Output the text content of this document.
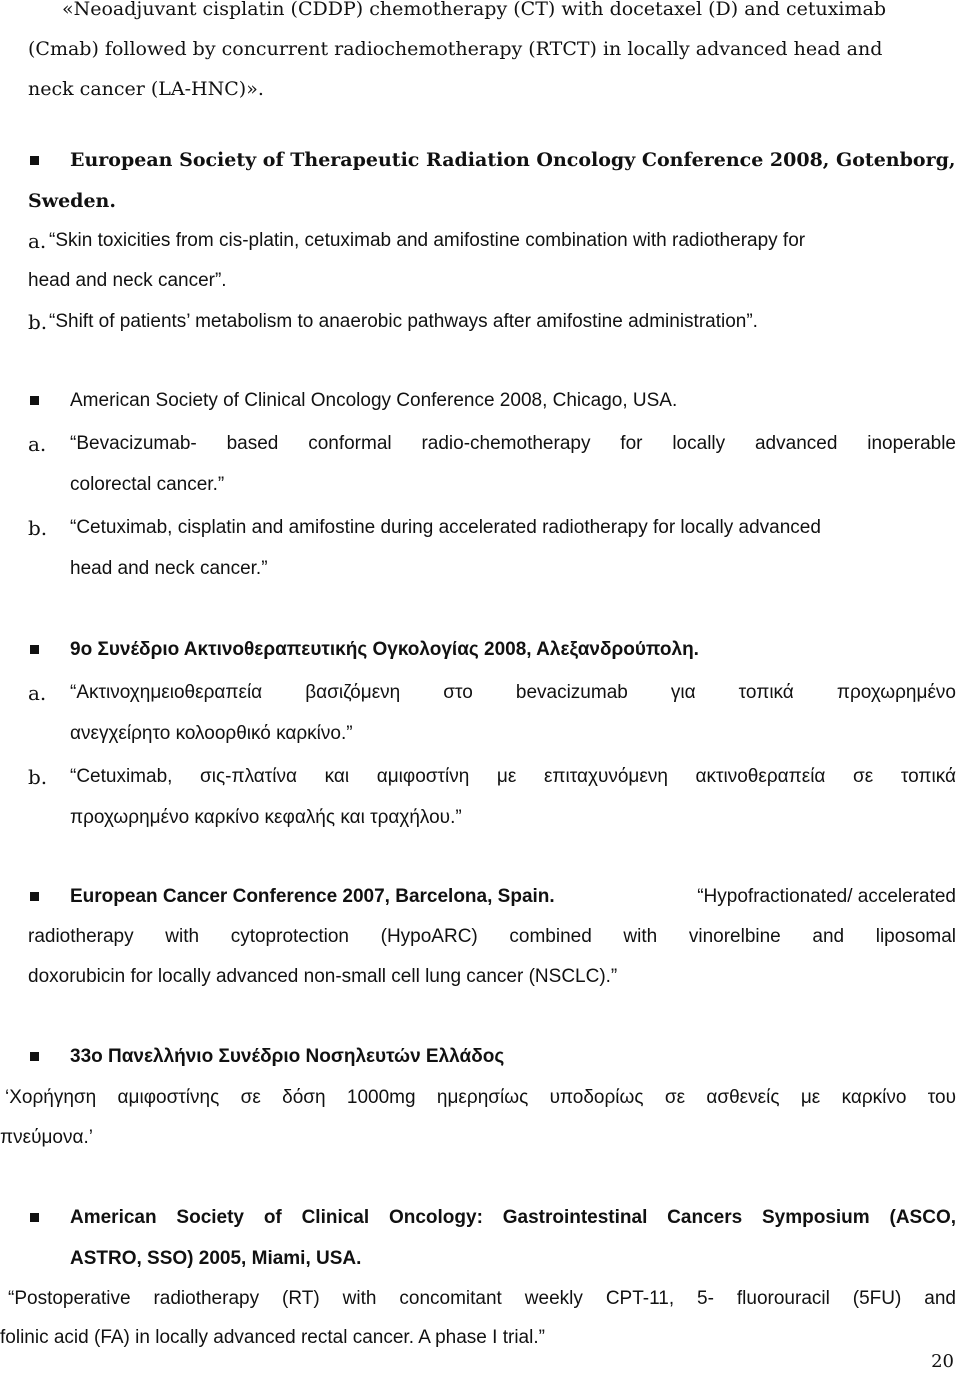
«Neoadjuvant cisplatin (CDDP) chemotherapy (CT) with docetaxel (D) and cetuximab
(Cmab) followed by concurrent radiochemotherapy (RTCT) in locally advanced head and
neck cancer (LA-HNC)».
European Society of Therapeutic Radiation Oncology Conference 2008, Gotenborg,
Sweden.
a. “Skin toxicities from cis-platin, cetuximab and amifostine combination with radiotherapy for
head and neck cancer”.
b. “Shift of patients’ metabolism to anaerobic pathways after amifostine administration”.
American Society of Clinical Oncology Conference 2008, Chicago, USA.
a. “Bevacizumab- based conformal radio-chemotherapy for locally advanced inoperable
colorectal cancer.”
b. “Cetuximab, cisplatin and amifostine during accelerated radiotherapy for locally advanced
head and neck cancer.”
9ο Συνέδριο Ακτινοθεραπευτικής Ογκολογίας 2008, Αλεξανδρούπολη.
a. “Ακτινοχημειοθεραπεία βασιζόμενη στο bevacizumab για τοπικά προχωρημένο
ανεγχείρητο κολοορθικό καρκίνο.”
b. “Cetuximab, σις-πλατίνα και αμιφοστίνη με επιταχυνόμενη ακτινοθεραπεία σε τοπικά
προχωρημένο καρκίνο κεφαλής και τραχήλου.”
European Cancer Conference 2007, Barcelona, Spain.	“Hypofractionated/ accelerated
radiotherapy with cytoprotection (HypoARC) combined with vinorelbine and liposomal
doxorubicin for locally advanced non-small cell lung cancer (NSCLC).”
33ο Πανελλήνιο Συνέδριο Νοσηλευτών Ελλάδος
‘Χορήγηση αμιφοστίνης σε δόση 1000mg ημερησίως υποδορίως σε ασθενείς με καρκίνο του
πνεύμονα.’
American Society of Clinical Oncology: Gastrointestinal Cancers Symposium (ASCO,
ASTRO, SSO) 2005, Miami, USA.
“Postoperative radiotherapy (RT) with concomitant weekly CPT-11, 5- fluorouracil (5FU) and
folinic acid (FA) in locally advanced rectal cancer. A phase I trial.”
20
